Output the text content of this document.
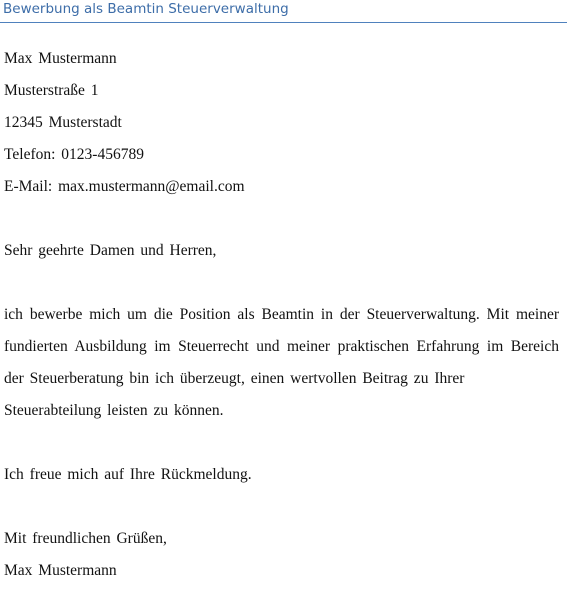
Bewerbung als Beamtin Steuerverwaltung
Max Mustermann
Musterstraße 1
12345 Musterstadt
Telefon: 0123-456789
E-Mail: max.mustermann@email.com
Sehr geehrte Damen und Herren,
ich bewerbe mich um die Position als Beamtin in der Steuerverwaltung. Mit meiner
fundierten Ausbildung im Steuerrecht und meiner praktischen Erfahrung im Bereich
der Steuerberatung bin ich überzeugt, einen wertvollen Beitrag zu Ihrer
Steuerabteilung leisten zu können.
Ich freue mich auf Ihre Rückmeldung.
Mit freundlichen Grüßen,
Max Mustermann
